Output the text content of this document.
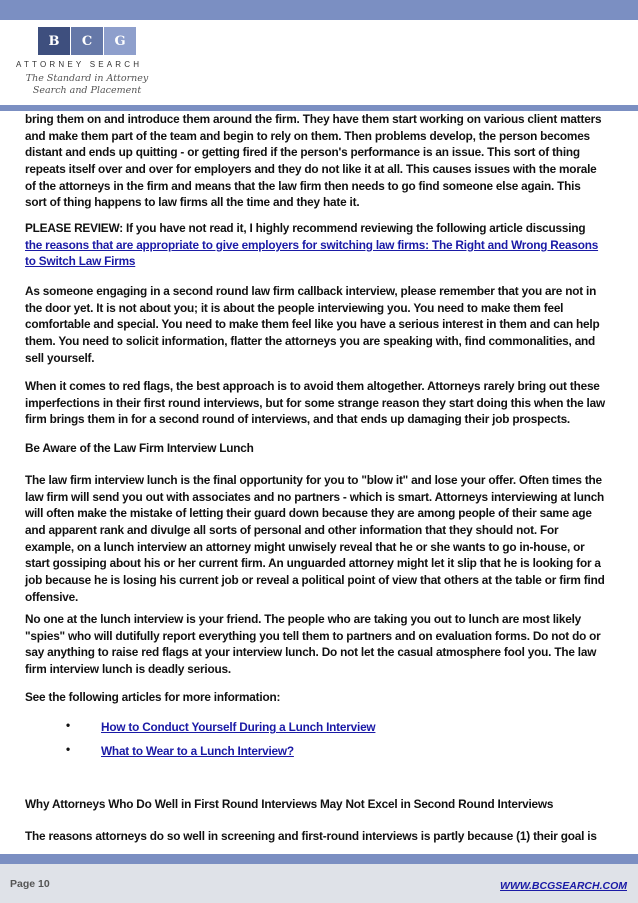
B	C	G
ATTORNEY SEARCH
The Standard in Attorney
Search and Placement
bring them on and introduce them around the firm. They have them start working on various client matters
and make them part of the team and begin to rely on them. Then problems develop, the person becomes
distant and ends up quitting - or getting fired if the person's performance is an issue. This sort of thing
repeats itself over and over for employers and they do not like it at all. This causes issues with the morale
of the attorneys in the firm and means that the law firm then needs to go find someone else again. This
sort of thing happens to law firms all the time and they hate it.
PLEASE REVIEW: If you have not read it, I highly recommend reviewing the following article discussing
the reasons that are appropriate to give employers for switching law firms: The Right and Wrong Reasons
to Switch Law Firms
As someone engaging in a second round law firm callback interview, please remember that you are not in
the door yet. It is not about you; it is about the people interviewing you. You need to make them feel
comfortable and special. You need to make them feel like you have a serious interest in them and can help
them. You need to solicit information, flatter the attorneys you are speaking with, find commonalities, and
sell yourself.
When it comes to red flags, the best approach is to avoid them altogether. Attorneys rarely bring out these
imperfections in their first round interviews, but for some strange reason they start doing this when the law
firm brings them in for a second round of interviews, and that ends up damaging their job prospects.
Be Aware of the Law Firm Interview Lunch
The law firm interview lunch is the final opportunity for you to "blow it" and lose your offer. Often times the
law firm will send you out with associates and no partners - which is smart. Attorneys interviewing at lunch
will often make the mistake of letting their guard down because they are among people of their same age
and apparent rank and divulge all sorts of personal and other information that they should not. For
example, on a lunch interview an attorney might unwisely reveal that he or she wants to go in-house, or
start gossiping about his or her current firm. An unguarded attorney might let it slip that he is looking for a
job because he is losing his current job or reveal a political point of view that others at the table or firm find
offensive.
No one at the lunch interview is your friend. The people who are taking you out to lunch are most likely
"spies" who will dutifully report everything you tell them to partners and on evaluation forms. Do not do or
say anything to raise red flags at your interview lunch. Do not let the casual atmosphere fool you. The law
firm interview lunch is deadly serious.
See the following articles for more information:
•	How to Conduct Yourself During a Lunch Interview
•	What to Wear to a Lunch Interview?
Why Attorneys Who Do Well in First Round Interviews May Not Excel in Second Round Interviews
The reasons attorneys do so well in screening and first-round interviews is partly because (1) their goal is
Page 10	WWW.BCGSEARCH.COM
